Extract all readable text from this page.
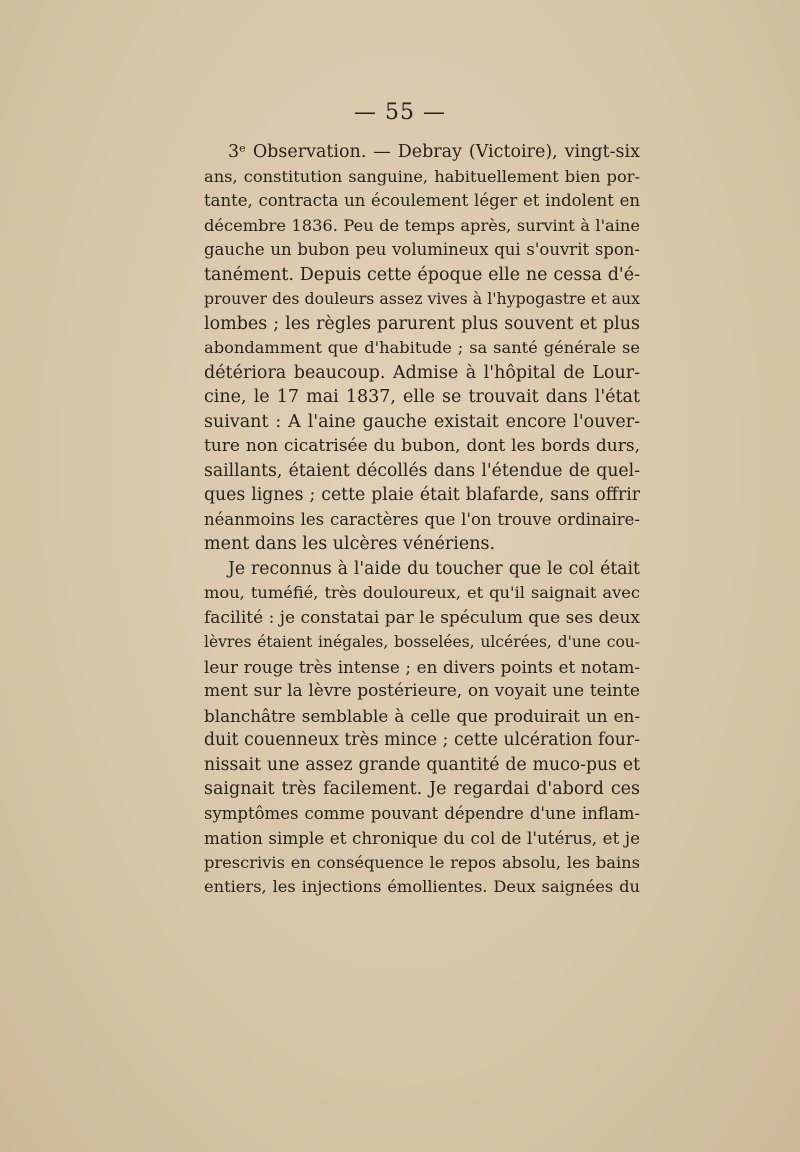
— 55 —
3ᵉ Observation. — Debray (Victoire), vingt-six
ans, constitution sanguine, habituellement bien por-
tante, contracta un écoulement léger et indolent en
décembre 1836. Peu de temps après, survint à l'aine
gauche un bubon peu volumineux qui s'ouvrit spon-
tanément. Depuis cette époque elle ne cessa d'é-
prouver des douleurs assez vives à l'hypogastre et aux
lombes ; les règles parurent plus souvent et plus
abondamment que d'habitude ; sa santé générale se
détériora beaucoup. Admise à l'hôpital de Lour-
cine, le 17 mai 1837, elle se trouvait dans l'état
suivant : A l'aine gauche existait encore l'ouver-
ture non cicatrisée du bubon, dont les bords durs,
saillants, étaient décollés dans l'étendue de quel-
ques lignes ; cette plaie était blafarde, sans offrir
néanmoins les caractères que l'on trouve ordinaire-
ment dans les ulcères vénériens.
Je reconnus à l'aide du toucher que le col était
mou, tuméfié, très douloureux, et qu'il saignait avec
facilité : je constatai par le spéculum que ses deux
lèvres étaient inégales, bosselées, ulcérées, d'une cou-
leur rouge très intense ; en divers points et notam-
ment sur la lèvre postérieure, on voyait une teinte
blanchâtre semblable à celle que produirait un en-
duit couenneux très mince ; cette ulcération four-
nissait une assez grande quantité de muco-pus et
saignait très facilement. Je regardai d'abord ces
symptômes comme pouvant dépendre d'une inflam-
mation simple et chronique du col de l'utérus, et je
prescrivis en conséquence le repos absolu, les bains
entiers, les injections émollientes. Deux saignées du
